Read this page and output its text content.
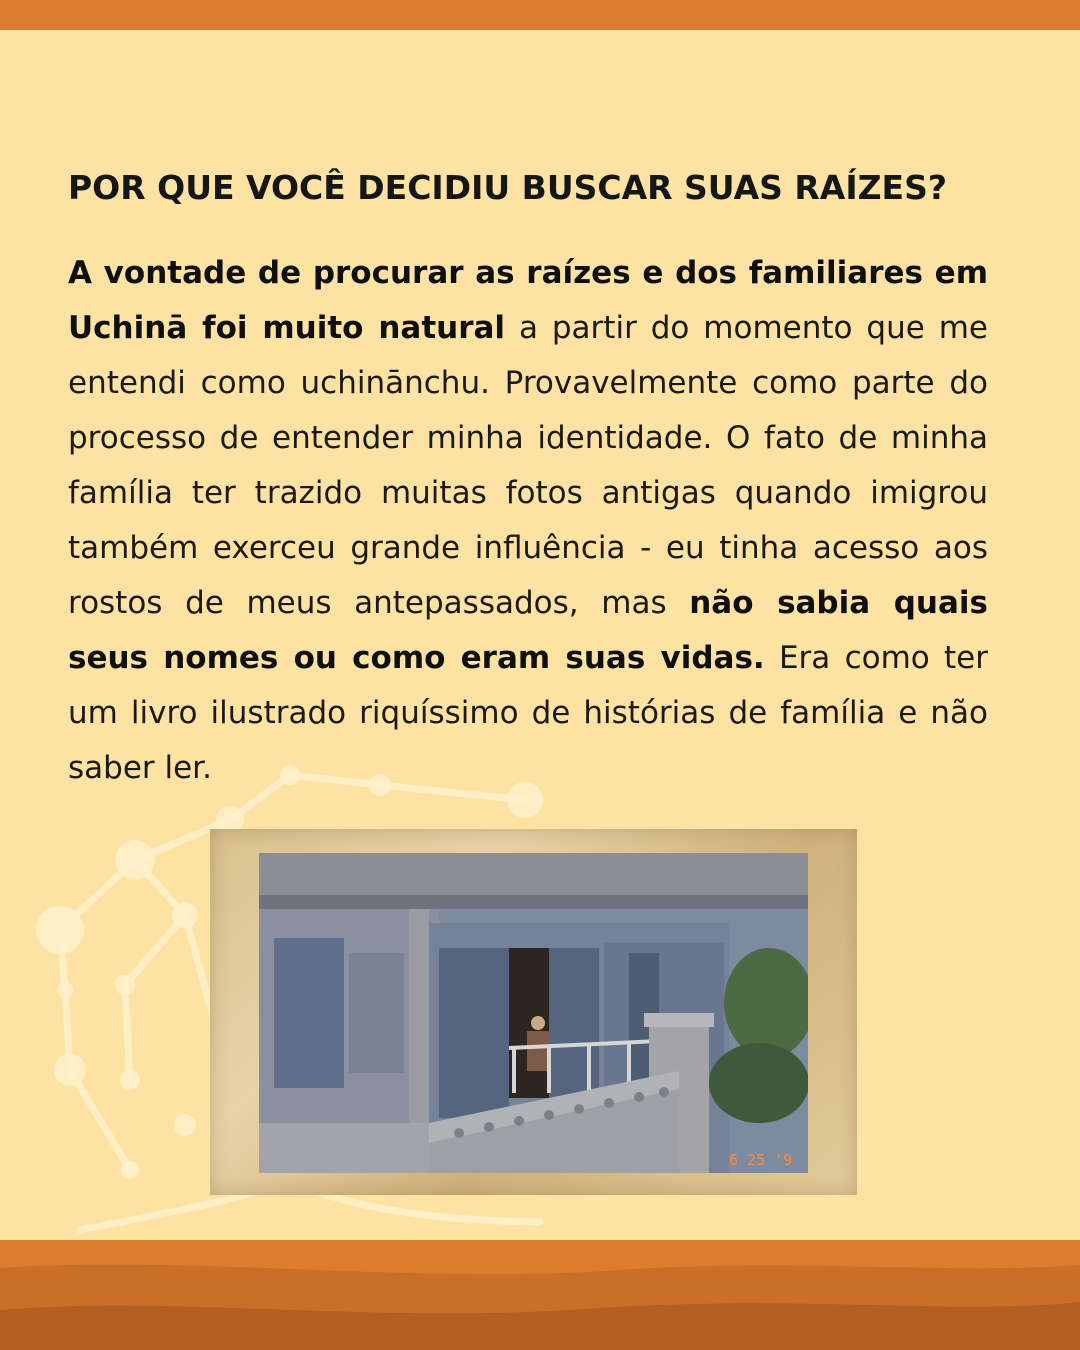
POR QUE VOCÊ DECIDIU BUSCAR SUAS RAÍZES?

A vontade de procurar as raízes e dos familiares em Uchinā foi muito natural a partir do momento que me entendi como uchinānchu. Provavelmente como parte do processo de entender minha identidade. O fato de minha família ter trazido muitas fotos antigas quando imigrou também exerceu grande influência - eu tinha acesso aos rostos de meus antepassados, mas não sabia quais seus nomes ou como eram suas vidas. Era como ter um livro ilustrado riquíssimo de histórias de família e não saber ler.

6 25 '9
